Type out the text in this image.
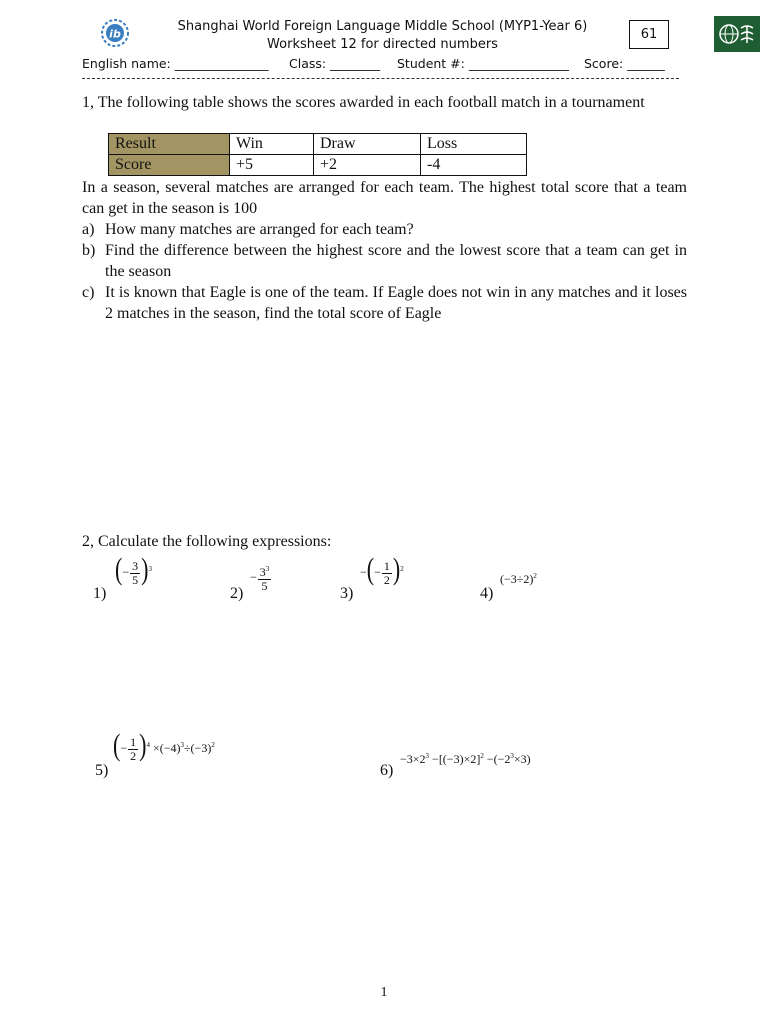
ib	Shanghai World Foreign Language Middle School (MYP1-Year 6)
Worksheet 12 for directed numbers
61
English name: _______________ Class: ________ Student #: ________________ Score: ______
1, The following table shows the scores awarded in each football match in a tournament
Result	Win	Draw	Loss
Score	+5	+2	-4
In a season, several matches are arranged for each team. The highest total score that a team can get in the season is 100
a) How many matches are arranged for each team?
b) Find the difference between the highest score and the lowest score that a team can get in the season
c) It is known that Eagle is one of the team. If Eagle does not win in any matches and it loses 2 matches in the season, find the total score of Eagle
2, Calculate the following expressions:
1)
(− $\frac{3}{5} )^3$
2)
− $\frac{3^3}{5}$
3)
−(− $\frac{1}{2} )^2$
4)
$(-3\div 2)^2$
5)
(− $\frac{1}{2} )^4 \times(-4)^3\div(-3)^2$
6)
$-3\times 2^3 -[(-3)\times 2]^2 -(-2^3\times 3)$
1
